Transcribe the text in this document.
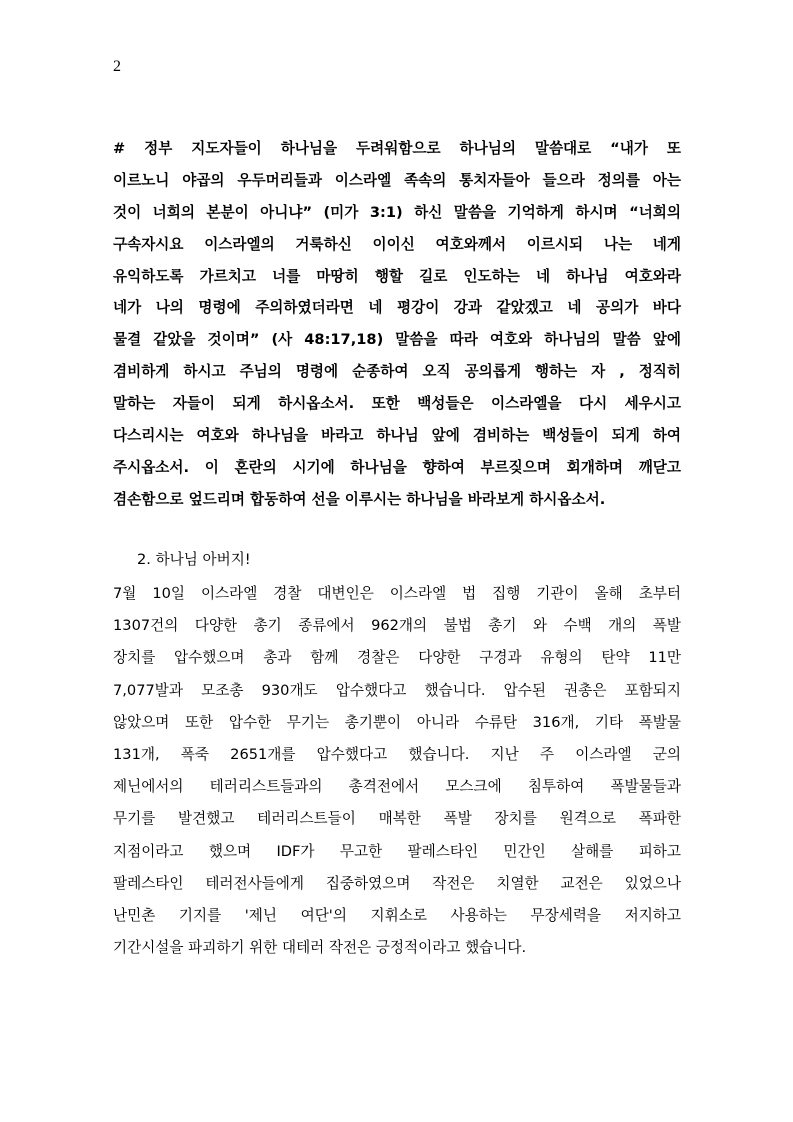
2
# 정부 지도자들이 하나님을 두려워함으로 하나님의 말씀대로 “내가 또
이르노니 야곱의 우두머리들과 이스라엘 족속의 통치자들아 들으라 정의를 아는
것이 너희의 본분이 아니냐” (미가 3:1) 하신 말씀을 기억하게 하시며 “너희의
구속자시요 이스라엘의 거룩하신 이이신 여호와께서 이르시되 나는 네게
유익하도록 가르치고 너를 마땅히 행할 길로 인도하는 네 하나님 여호와라
네가 나의 명령에 주의하였더라면 네 평강이 강과 같았겠고 네 공의가 바다
물결 같았을 것이며” (사 48:17,18) 말씀을 따라 여호와 하나님의 말씀 앞에
겸비하게 하시고 주님의 명령에 순종하여 오직 공의롭게 행하는 자 , 정직히
말하는 자들이 되게 하시옵소서. 또한 백성들은 이스라엘을 다시 세우시고
다스리시는 여호와 하나님을 바라고 하나님 앞에 겸비하는 백성들이 되게 하여
주시옵소서. 이 혼란의 시기에 하나님을 향하여 부르짖으며 회개하며 깨닫고
겸손함으로 엎드리며 합동하여 선을 이루시는 하나님을 바라보게 하시옵소서.
2. 하나님 아버지!
7월 10일 이스라엘 경찰 대변인은 이스라엘 법 집행 기관이 올해 초부터
1307건의 다양한 총기 종류에서 962개의 불법 총기 와 수백 개의 폭발
장치를 압수했으며 총과 함께 경찰은 다양한 구경과 유형의 탄약 11만
7,077발과 모조총 930개도 압수했다고 했습니다. 압수된 권총은 포함되지
않았으며 또한 압수한 무기는 총기뿐이 아니라 수류탄 316개, 기타 폭발물
131개, 폭죽 2651개를 압수했다고 했습니다. 지난 주 이스라엘 군의
제닌에서의 테러리스트들과의 총격전에서 모스크에 침투하여 폭발물들과
무기를 발견했고 테러리스트들이 매복한 폭발 장치를 원격으로 폭파한
지점이라고 했으며 IDF가 무고한 팔레스타인 민간인 살해를 피하고
팔레스타인 테러전사들에게 집중하였으며 작전은 치열한 교전은 있었으나
난민촌 기지를 '제닌 여단'의 지휘소로 사용하는 무장세력을 저지하고
기간시설을 파괴하기 위한 대테러 작전은 긍정적이라고 했습니다.
